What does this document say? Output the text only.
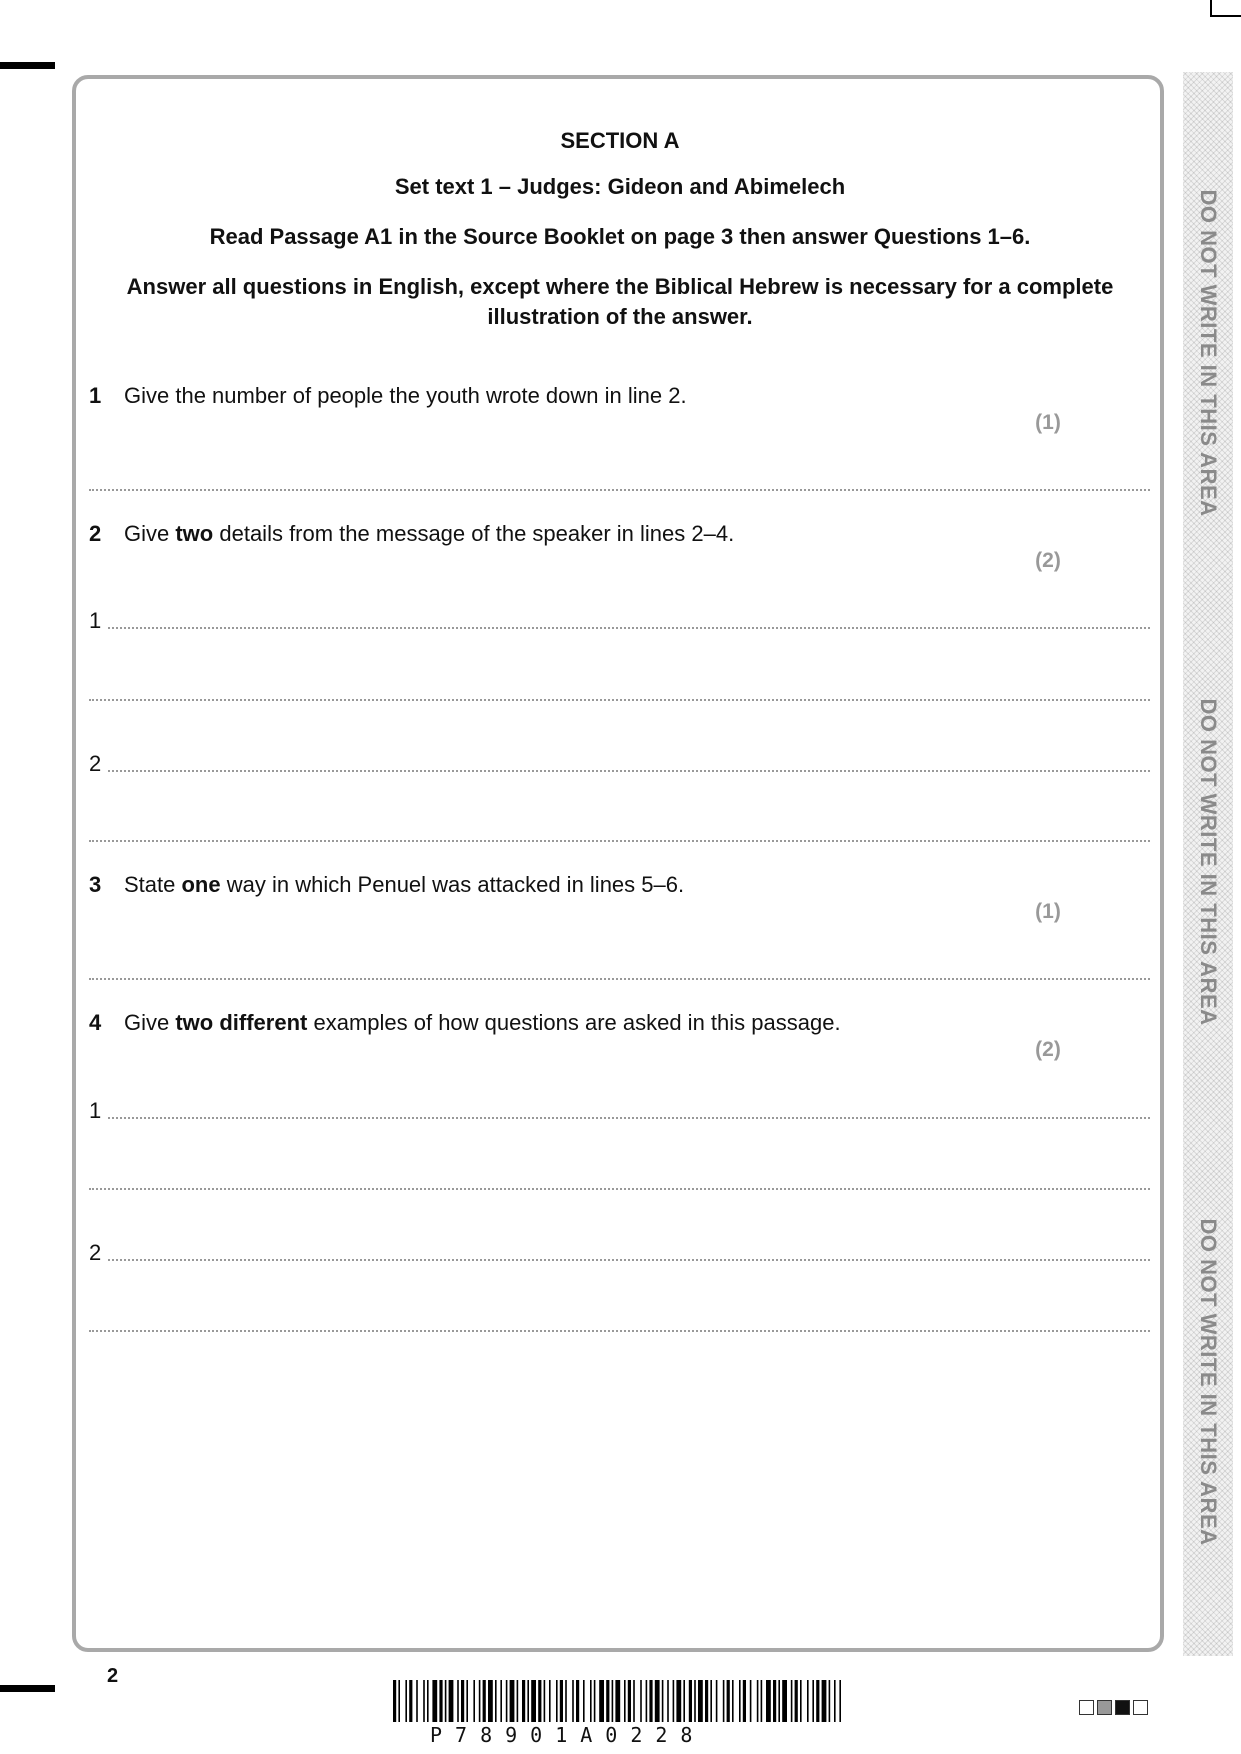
SECTION A
Set text 1 – Judges: Gideon and Abimelech
Read Passage A1 in the Source Booklet on page 3 then answer Questions 1–6.
Answer all questions in English, except where the Biblical Hebrew is necessary for a complete
illustration of the answer.
1 Give the number of people the youth wrote down in line 2.
(1)
2 Give two details from the message of the speaker in lines 2–4.
(2)
1
2
3 State one way in which Penuel was attacked in lines 5–6.
(1)
4 Give two different examples of how questions are asked in this passage.
(2)
1
2
DO NOT WRITE IN THIS AREA
DO NOT WRITE IN THIS AREA
DO NOT WRITE IN THIS AREA
2
P78901A0228
